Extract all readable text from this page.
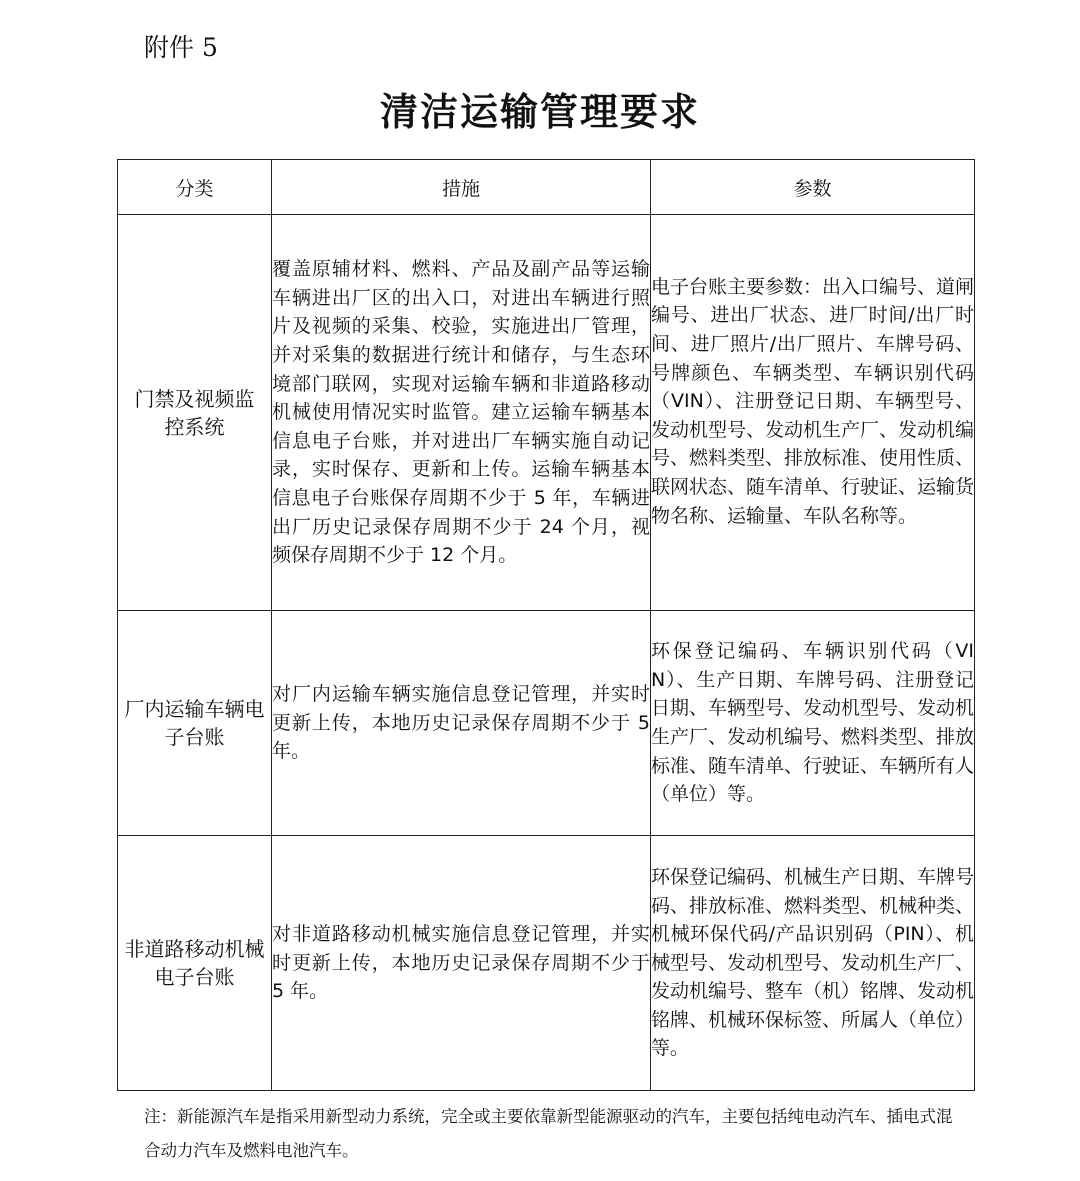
附件 5
清洁运输管理要求
分类	措施	参数

门禁及视频监控系统	覆盖原辅材料、燃料、产品及副产品等运输车辆进出厂区的出入口，对进出车辆进行照片及视频的采集、校验，实施进出厂管理，并对采集的数据进行统计和储存，与生态环境部门联网，实现对运输车辆和非道路移动机械使用情况实时监管。建立运输车辆基本信息电子台账，并对进出厂车辆实施自动记录，实时保存、更新和上传。运输车辆基本信息电子台账保存周期不少于 5 年，车辆进出厂历史记录保存周期不少于 24 个月，视频保存周期不少于 12 个月。	电子台账主要参数：出入口编号、道闸编号、进出厂状态、进厂时间/出厂时间、进厂照片/出厂照片、车牌号码、号牌颜色、车辆类型、车辆识别代码（VIN）、注册登记日期、车辆型号、发动机型号、发动机生产厂、发动机编号、燃料类型、排放标准、使用性质、联网状态、随车清单、行驶证、运输货物名称、运输量、车队名称等。

厂内运输车辆电子台账	对厂内运输车辆实施信息登记管理，并实时更新上传，本地历史记录保存周期不少于 5 年。	环保登记编码、车辆识别代码（VIN）、生产日期、车牌号码、注册登记日期、车辆型号、发动机型号、发动机生产厂、发动机编号、燃料类型、排放标准、随车清单、行驶证、车辆所有人（单位）等。

非道路移动机械电子台账	对非道路移动机械实施信息登记管理，并实时更新上传，本地历史记录保存周期不少于 5 年。	环保登记编码、机械生产日期、车牌号码、排放标准、燃料类型、机械种类、机械环保代码/产品识别码（PIN）、机械型号、发动机型号、发动机生产厂、发动机编号、整车（机）铭牌、发动机铭牌、机械环保标签、所属人（单位）等。
注：新能源汽车是指采用新型动力系统，完全或主要依靠新型能源驱动的汽车，主要包括纯电动汽车、插电式混合动力汽车及燃料电池汽车。
